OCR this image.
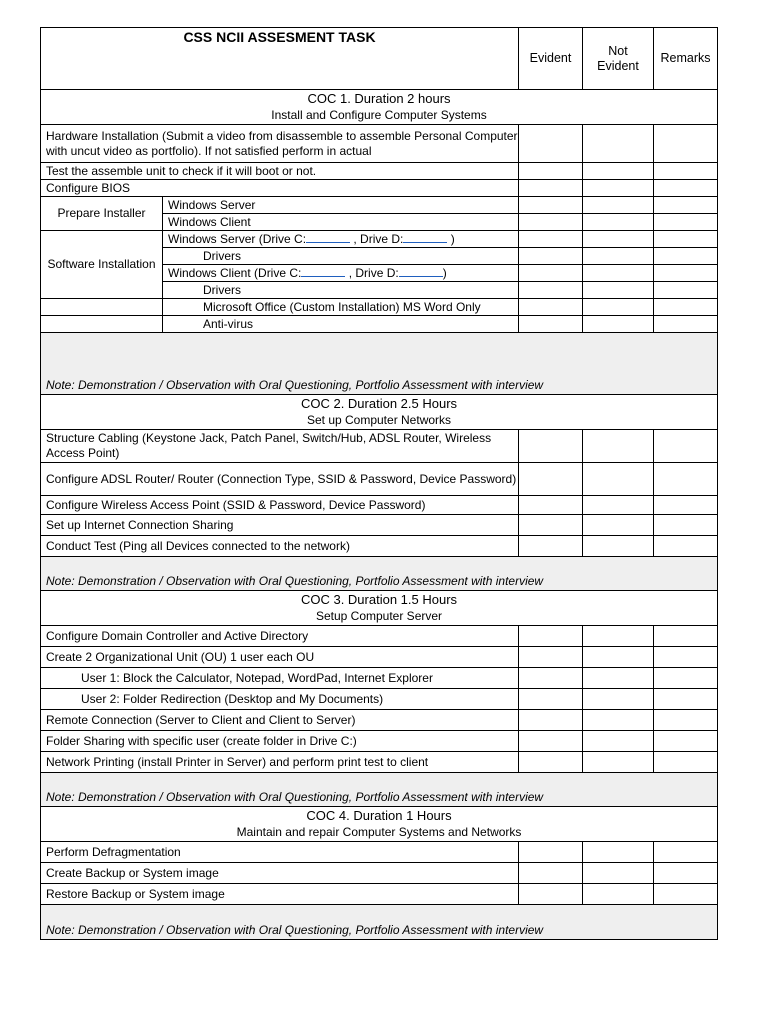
CSS NCII ASSESMENT TASK		Evident	Not
Evident	Remarks

COC 1. Duration 2 hours
Install and Configure Computer Systems				

Hardware Installation (Submit a video from disassemble to assemble Personal Computer with uncut video as portfolio). If not satisfied perform in actual				
Test the assemble unit to check if it will boot or not.				
Configure BIOS				
Prepare Installer	Windows Server			
	Windows Client			
Software Installation	Windows Server (Drive C: , Drive D: )			
	Drivers			
	Windows Client (Drive C: , Drive D: )			
	Drivers			
	Microsoft Office (Custom Installation) MS Word Only			
	Anti-virus			
Note: Demonstration / Observation with Oral Questioning, Portfolio Assessment with interview				

COC 2. Duration 2.5 Hours
Set up Computer Networks				

Structure Cabling (Keystone Jack, Patch Panel, Switch/Hub, ADSL Router, Wireless Access Point)				
Configure ADSL Router/ Router (Connection Type, SSID & Password, Device Password)				
Configure Wireless Access Point (SSID & Password, Device Password)				
Set up Internet Connection Sharing				
Conduct Test (Ping all Devices connected to the network)				
Note: Demonstration / Observation with Oral Questioning, Portfolio Assessment with interview				

COC 3. Duration 1.5 Hours
Setup Computer Server				

Configure Domain Controller and Active Directory				
Create 2 Organizational Unit (OU) 1 user each OU				
User 1: Block the Calculator, Notepad, WordPad, Internet Explorer				
User 2: Folder Redirection (Desktop and My Documents)				
Remote Connection (Server to Client and Client to Server)				
Folder Sharing with specific user (create folder in Drive C:)				
Network Printing (install Printer in Server) and perform print test to client				
Note: Demonstration / Observation with Oral Questioning, Portfolio Assessment with interview				

COC 4. Duration 1 Hours
Maintain and repair Computer Systems and Networks				

Perform Defragmentation				
Create Backup or System image				
Restore Backup or System image				
Note: Demonstration / Observation with Oral Questioning, Portfolio Assessment with interview				
